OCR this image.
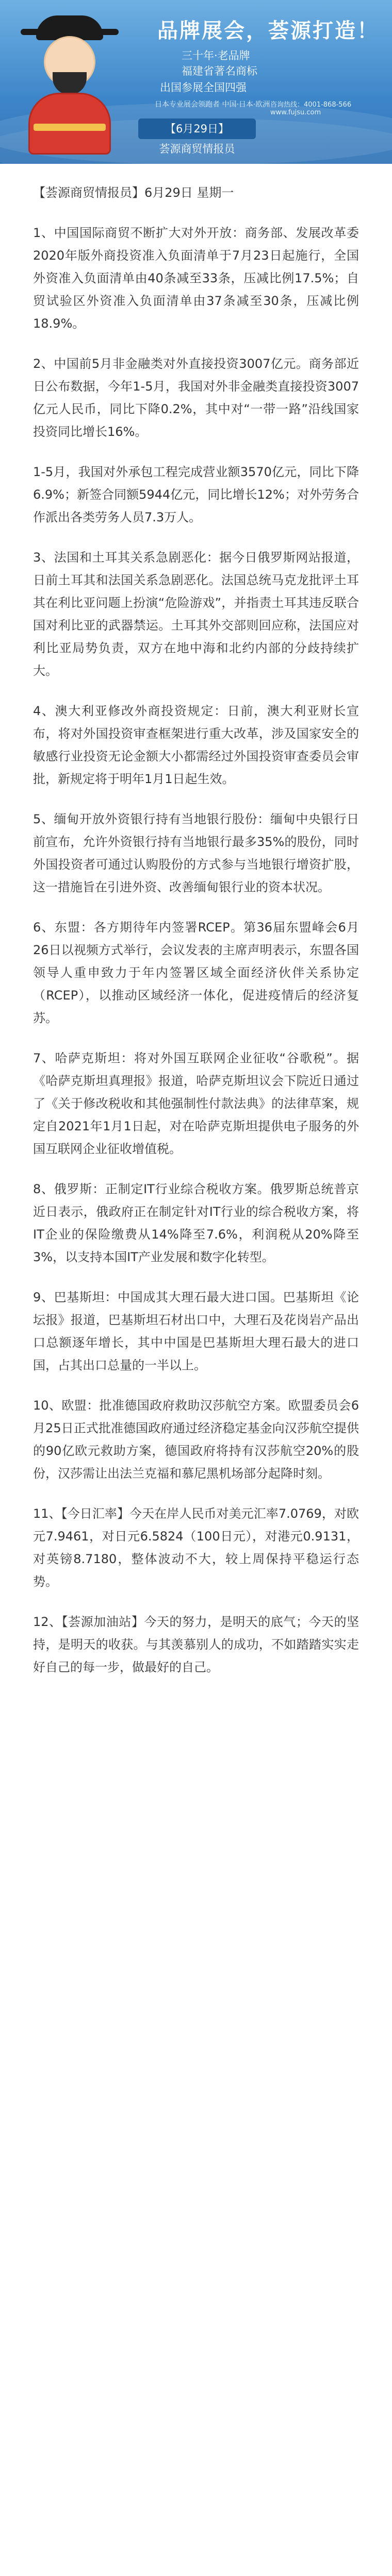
品牌展会，荟源打造！
三十年·老品牌
福建省著名商标
出国参展全国四强
日本专业展会领跑者 中国·日本·欧洲 咨询热线：4001-868-566 www.fujsu.com
【6月29日】
荟源商贸情报员

【荟源商贸情报员】6月29日 星期一

1、中国国际商贸不断扩大对外开放：商务部、发展改革委2020年版外商投资准入负面清单于7月23日起施行，全国外资准入负面清单由40条减至33条，压减比例17.5%；自贸试验区外资准入负面清单由37条减至30条，压减比例18.9%。

2、中国前5月非金融类对外直接投资3007亿元。商务部近日公布数据，今年1-5月，我国对外非金融类直接投资3007亿元人民币，同比下降0.2%，其中对“一带一路”沿线国家投资同比增长16%。

1-5月，我国对外承包工程完成营业额3570亿元，同比下降6.9%；新签合同额5944亿元，同比增长12%；对外劳务合作派出各类劳务人员7.3万人。

3、法国和土耳其关系急剧恶化：据今日俄罗斯网站报道，日前土耳其和法国关系急剧恶化。法国总统马克龙批评土耳其在利比亚问题上扮演“危险游戏”，并指责土耳其违反联合国对利比亚的武器禁运。土耳其外交部则回应称，法国应对利比亚局势负责，双方在地中海和北约内部的分歧持续扩大。

4、澳大利亚修改外商投资规定：日前，澳大利亚财长宣布，将对外国投资审查框架进行重大改革，涉及国家安全的敏感行业投资无论金额大小都需经过外国投资审查委员会审批，新规定将于明年1月1日起生效。

5、缅甸开放外资银行持有当地银行股份：缅甸中央银行日前宣布，允许外资银行持有当地银行最多35%的股份，同时外国投资者可通过认购股份的方式参与当地银行增资扩股，这一措施旨在引进外资、改善缅甸银行业的资本状况。

6、东盟：各方期待年内签署RCEP。第36届东盟峰会6月26日以视频方式举行，会议发表的主席声明表示，东盟各国领导人重申致力于年内签署区域全面经济伙伴关系协定（RCEP），以推动区域经济一体化，促进疫情后的经济复苏。

7、哈萨克斯坦：将对外国互联网企业征收“谷歌税”。据《哈萨克斯坦真理报》报道，哈萨克斯坦议会下院近日通过了《关于修改税收和其他强制性付款法典》的法律草案，规定自2021年1月1日起，对在哈萨克斯坦提供电子服务的外国互联网企业征收增值税。

8、俄罗斯：正制定IT行业综合税收方案。俄罗斯总统普京近日表示，俄政府正在制定针对IT行业的综合税收方案，将IT企业的保险缴费从14%降至7.6%，利润税从20%降至3%，以支持本国IT产业发展和数字化转型。

9、巴基斯坦：中国成其大理石最大进口国。巴基斯坦《论坛报》报道，巴基斯坦石材出口中，大理石及花岗岩产品出口总额逐年增长，其中中国是巴基斯坦大理石最大的进口国，占其出口总量的一半以上。

10、欧盟：批准德国政府救助汉莎航空方案。欧盟委员会6月25日正式批准德国政府通过经济稳定基金向汉莎航空提供的90亿欧元救助方案，德国政府将持有汉莎航空20%的股份，汉莎需让出法兰克福和慕尼黑机场部分起降时刻。

11、【今日汇率】今天在岸人民币对美元汇率7.0769，对欧元7.9461，对日元6.5824（100日元），对港元0.9131，对英镑8.7180，整体波动不大，较上周保持平稳运行态势。

12、【荟源加油站】今天的努力，是明天的底气；今天的坚持，是明天的收获。与其羡慕别人的成功，不如踏踏实实走好自己的每一步，做最好的自己。
